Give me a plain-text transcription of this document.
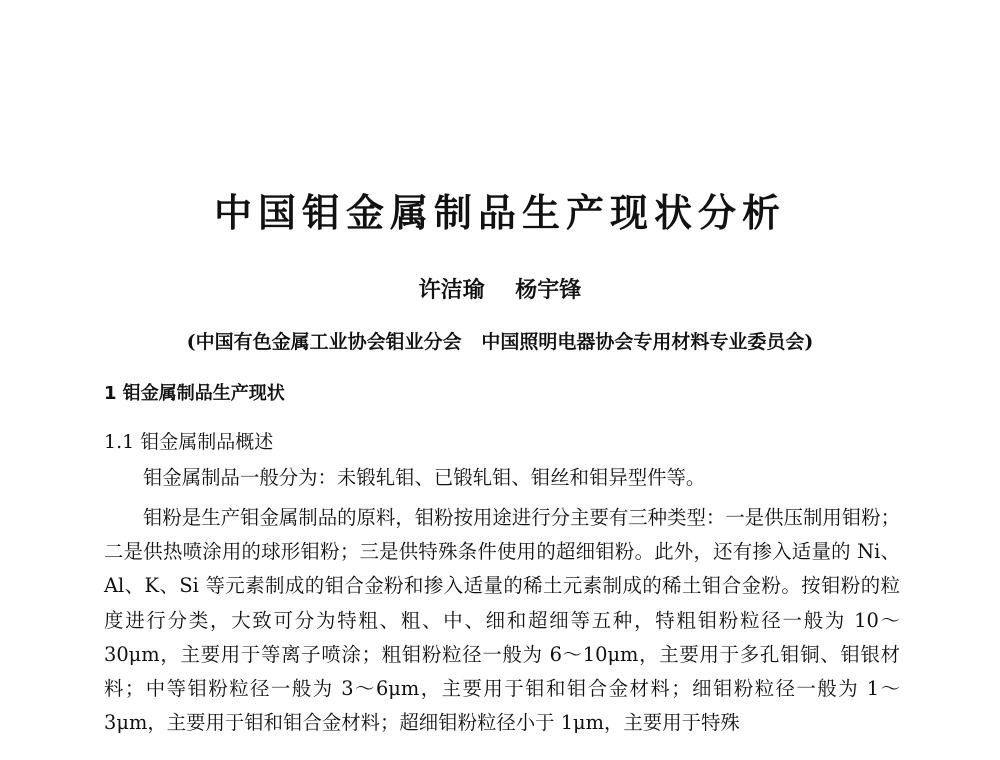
中国钼金属制品生产现状分析
许洁瑜    杨宇锋
(中国有色金属工业协会钼业分会   中国照明电器协会专用材料专业委员会)
1 钼金属制品生产现状
1.1 钼金属制品概述

钼金属制品一般分为：未锻轧钼、已锻轧钼、钼丝和钼异型件等。

钼粉是生产钼金属制品的原料，钼粉按用途进行分主要有三种类型：一是供压制用钼粉；二是供热喷涂用的球形钼粉；三是供特殊条件使用的超细钼粉。此外，还有掺入适量的 Ni、Al、K、Si 等元素制成的钼合金粉和掺入适量的稀土元素制成的稀土钼合金粉。按钼粉的粒度进行分类，大致可分为特粗、粗、中、细和超细等五种，特粗钼粉粒径一般为 10～30μm，主要用于等离子喷涂；粗钼粉粒径一般为 6～10μm，主要用于多孔钼铜、钼银材料；中等钼粉粒径一般为 3～6μm，主要用于钼和钼合金材料；细钼粉粒径一般为 1～3μm，主要用于钼和钼合金材料；超细钼粉粒径小于 1μm，主要用于特殊
